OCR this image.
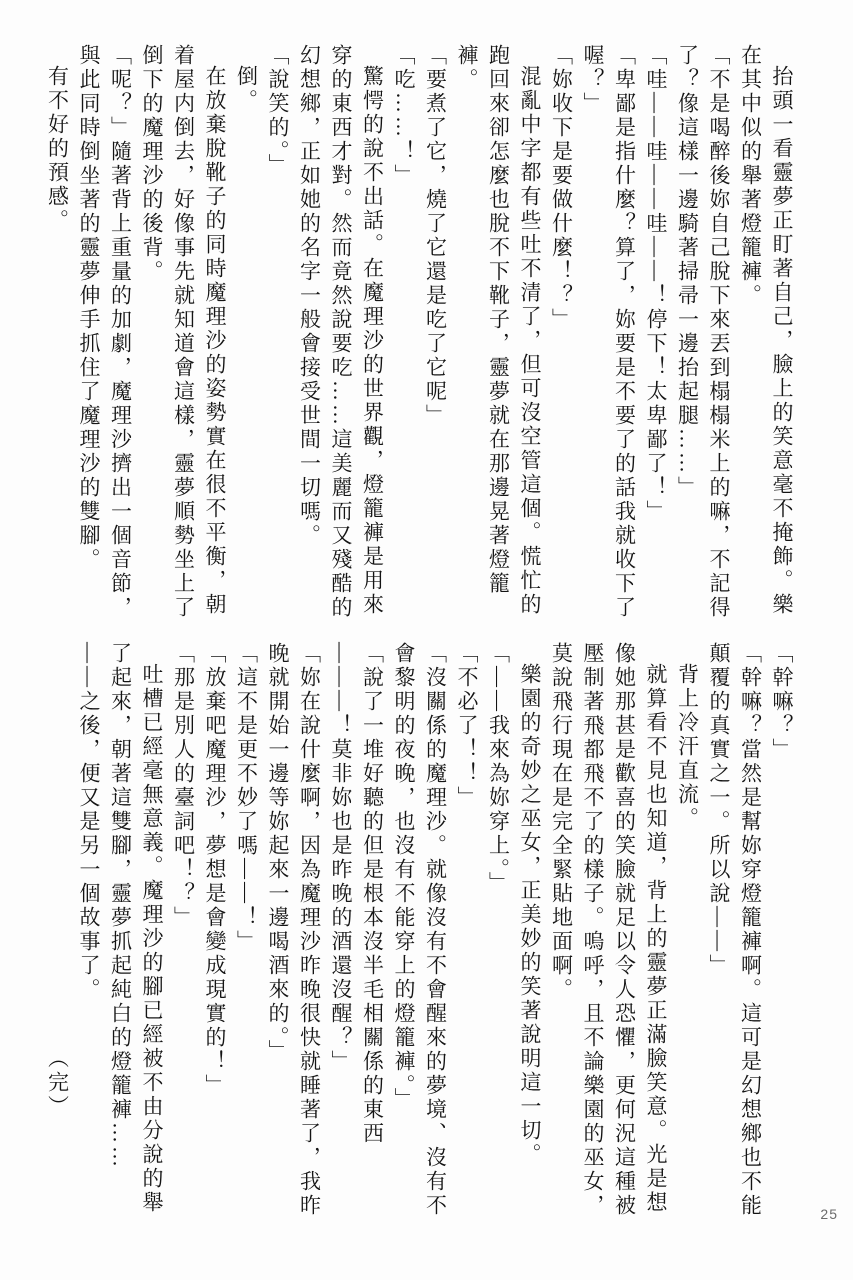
抬頭一看靈夢正盯著自己，臉上的笑意毫不掩飾。樂在其中似的舉著燈籠褲。

「不是喝醉後妳自己脫下來丟到榻榻米上的嘛，不記得了？像這樣一邊騎著掃帚一邊抬起腿……」

「哇——哇——哇——！停下！太卑鄙了！」

「卑鄙是指什麼？算了，妳要是不要了的話我就收下了喔？」

「妳收下是要做什麼！？」

混亂中字都有些吐不清了，但可沒空管這個。慌忙的跑回來卻怎麼也脫不下靴子，靈夢就在那邊晃著燈籠褲。

「要煮了它，燒了它還是吃了它呢」

「吃……！」

驚愕的說不出話。在魔理沙的世界觀，燈籠褲是用來穿的東西才對。然而竟然說要吃……這美麗而又殘酷的幻想鄉，正如她的名字一般會接受世間一切嗎。

「說笑的。」

倒。

在放棄脫靴子的同時魔理沙的姿勢實在很不平衡，朝着屋内倒去，好像事先就知道會這樣，靈夢順勢坐上了倒下的魔理沙的後背。

「呢？」隨著背上重量的加劇，魔理沙擠出一個音節，與此同時倒坐著的靈夢伸手抓住了魔理沙的雙腳。

有不好的預感。

「幹嘛？」

「幹嘛？當然是幫妳穿燈籠褲啊。這可是幻想鄉也不能顛覆的真實之一。所以說——」

背上冷汗直流。

就算看不見也知道，背上的靈夢正滿臉笑意。光是想像她那甚是歡喜的笑臉就足以令人恐懼，更何況這種被壓制著飛都飛不了的樣子。嗚呼，且不論樂園的巫女，莫說飛行現在是完全緊貼地面啊。

樂園的奇妙之巫女，正美妙的笑著說明這一切。

「——我來為妳穿上。」

「不必了！！」

「沒關係的魔理沙。就像沒有不會醒來的夢境、沒有不會黎明的夜晚，也沒有不能穿上的燈籠褲。」

「說了一堆好聽的但是根本沒半毛相關係的東西———！莫非妳也是昨晚的酒還沒醒？」

「妳在說什麼啊，因為魔理沙昨晚很快就睡著了，我昨晚就開始一邊等妳起來一邊喝酒來的。」

「這不是更不妙了嗎——！」

「放棄吧魔理沙，夢想是會變成現實的！」

「那是別人的臺詞吧！？」

吐槽已經毫無意義。魔理沙的腳已經被不由分說的舉了起來，朝著這雙腳，靈夢抓起純白的燈籠褲……

——之後，便又是另一個故事了。

（完）

25
